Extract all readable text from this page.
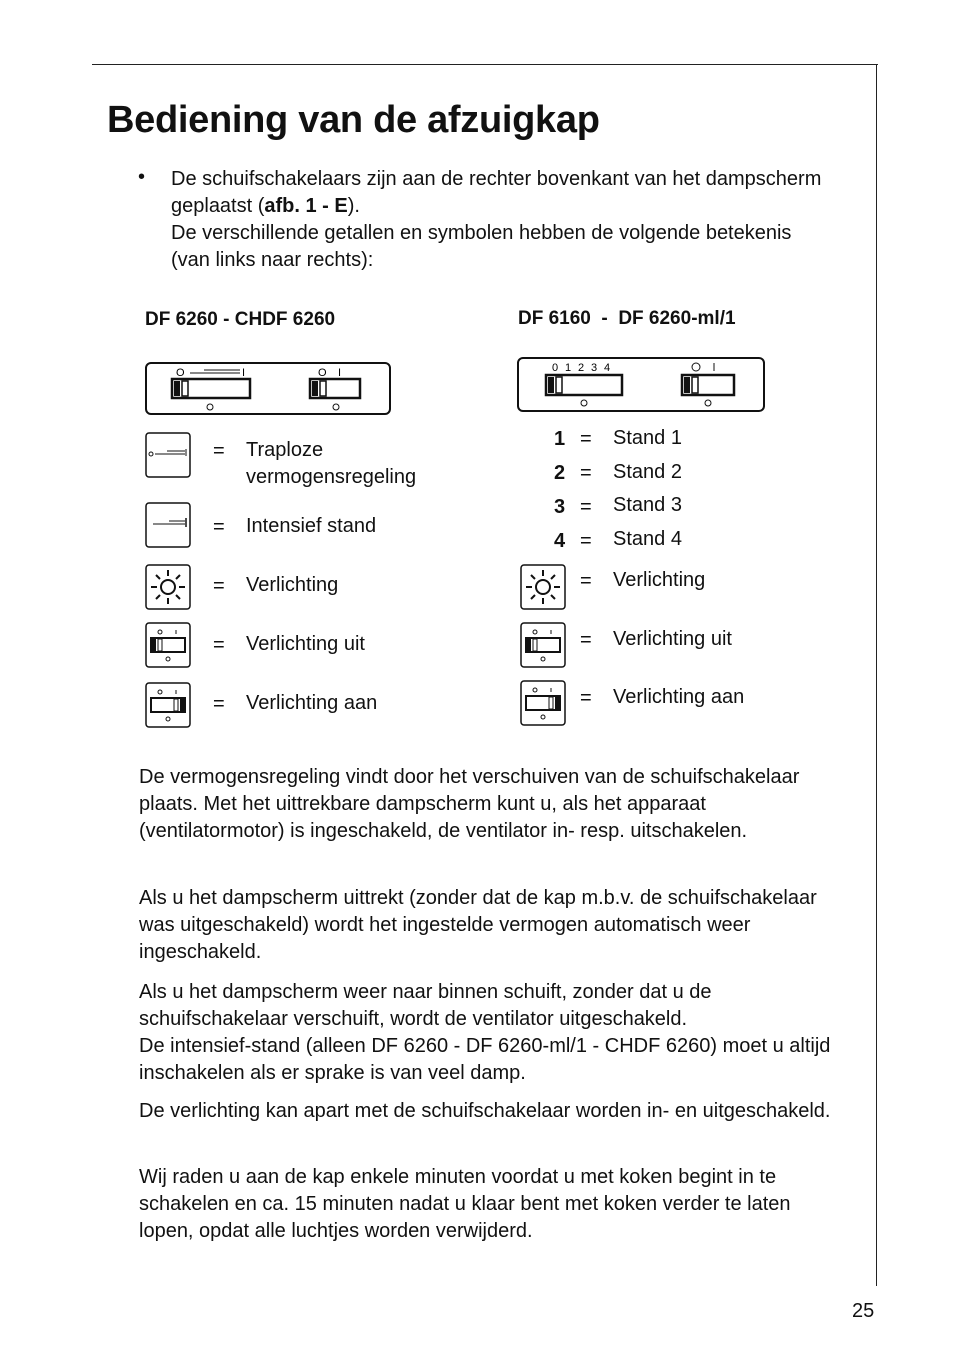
Bediening van de afzuigkap
• De schuifschakelaars zijn aan de rechter bovenkant van het dampscherm geplaatst (afb. 1 - E).
De verschillende getallen en symbolen hebben de volgende betekenis (van links naar rechts):
DF 6260 - CHDF 6260
O	I	O I
= Traploze vermogensregeling
= Intensief stand
= Verlichting
= Verlichting uit
= Verlichting aan
DF 6160  -  DF 6260-ml/1
0 1 2 3 4
1 = Stand 1
2 = Stand 2
3 = Stand 3
4 = Stand 4
= Verlichting
= Verlichting uit
= Verlichting aan

De vermogensregeling vindt door het verschuiven van de schuifschakelaar plaats. Met het uittrekbare dampscherm kunt u, als het apparaat (ventilatormotor) is ingeschakeld, de ventilator in- resp. uitschakelen.

Als u het dampscherm uittrekt (zonder dat de kap m.b.v. de schuifschakelaar was uitgeschakeld) wordt het ingestelde vermogen automatisch weer ingeschakeld.

Als u het dampscherm weer naar binnen schuift, zonder dat u de schuifschakelaar verschuift, wordt de ventilator uitgeschakeld.

De intensief-stand (alleen DF 6260 - DF 6260-ml/1 - CHDF 6260) moet u altijd inschakelen als er sprake is van veel damp.

De verlichting kan apart met de schuifschakelaar worden in- en uitgeschakeld.

Wij raden u aan de kap enkele minuten voordat u met koken begint in te schakelen en ca. 15 minuten nadat u klaar bent met koken verder te laten lopen, opdat alle luchtjes worden verwijderd.

25
